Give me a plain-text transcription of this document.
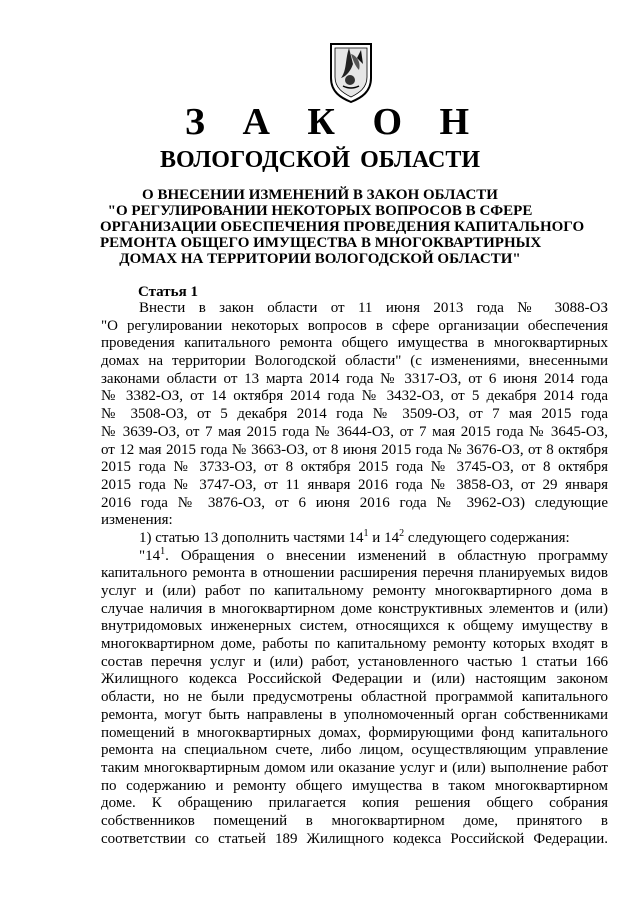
З А К О Н
ВОЛОГОДСКОЙ ОБЛАСТИ
О ВНЕСЕНИИ ИЗМЕНЕНИЙ В ЗАКОН ОБЛАСТИ
"О РЕГУЛИРОВАНИИ НЕКОТОРЫХ ВОПРОСОВ В СФЕРЕ
ОРГАНИЗАЦИИ ОБЕСПЕЧЕНИЯ ПРОВЕДЕНИЯ КАПИТАЛЬНОГО
РЕМОНТА ОБЩЕГО ИМУЩЕСТВА В МНОГОКВАРТИРНЫХ
ДОМАХ НА ТЕРРИТОРИИ ВОЛОГОДСКОЙ ОБЛАСТИ"
Статья 1
Внести в закон области от 11 июня 2013 года № 3088-ОЗ
"О регулировании некоторых вопросов в сфере организации обеспечения
проведения капитального ремонта общего имущества в многоквартирных
домах на территории Вологодской области" (с изменениями, внесенными
законами области от 13 марта 2014 года № 3317-ОЗ, от 6 июня 2014 года
№ 3382-ОЗ, от 14 октября 2014 года № 3432-ОЗ, от 5 декабря 2014 года
№ 3508-ОЗ, от 5 декабря 2014 года № 3509-ОЗ, от 7 мая 2015 года
№ 3639-ОЗ, от 7 мая 2015 года № 3644-ОЗ, от 7 мая 2015 года № 3645-ОЗ,
от 12 мая 2015 года № 3663-ОЗ, от 8 июня 2015 года № 3676-ОЗ, от 8 октября
2015 года № 3733-ОЗ, от 8 октября 2015 года № 3745-ОЗ, от 8 октября
2015 года № 3747-ОЗ, от 11 января 2016 года № 3858-ОЗ, от 29 января
2016 года № 3876-ОЗ, от 6 июня 2016 года № 3962-ОЗ) следующие
изменения:
1) статью 13 дополнить частями $14^1$ и $14^2$ следующего содержания:
"$14^1$. Обращения о внесении изменений в областную программу
капитального ремонта в отношении расширения перечня планируемых видов
услуг и (или) работ по капитальному ремонту многоквартирного дома в
случае наличия в многоквартирном доме конструктивных элементов и (или)
внутридомовых инженерных систем, относящихся к общему имуществу в
многоквартирном доме, работы по капитальному ремонту которых входят в
состав перечня услуг и (или) работ, установленного частью 1 статьи 166
Жилищного кодекса Российской Федерации и (или) настоящим законом
области, но не были предусмотрены областной программой капитального
ремонта, могут быть направлены в уполномоченный орган собственниками
помещений в многоквартирных домах, формирующими фонд капитального
ремонта на специальном счете, либо лицом, осуществляющим управление
таким многоквартирным домом или оказание услуг и (или) выполнение работ
по содержанию и ремонту общего имущества в таком многоквартирном
доме. К обращению прилагается копия решения общего собрания
собственников помещений в многоквартирном доме, принятого в
соответствии со статьей 189 Жилищного кодекса Российской Федерации.
